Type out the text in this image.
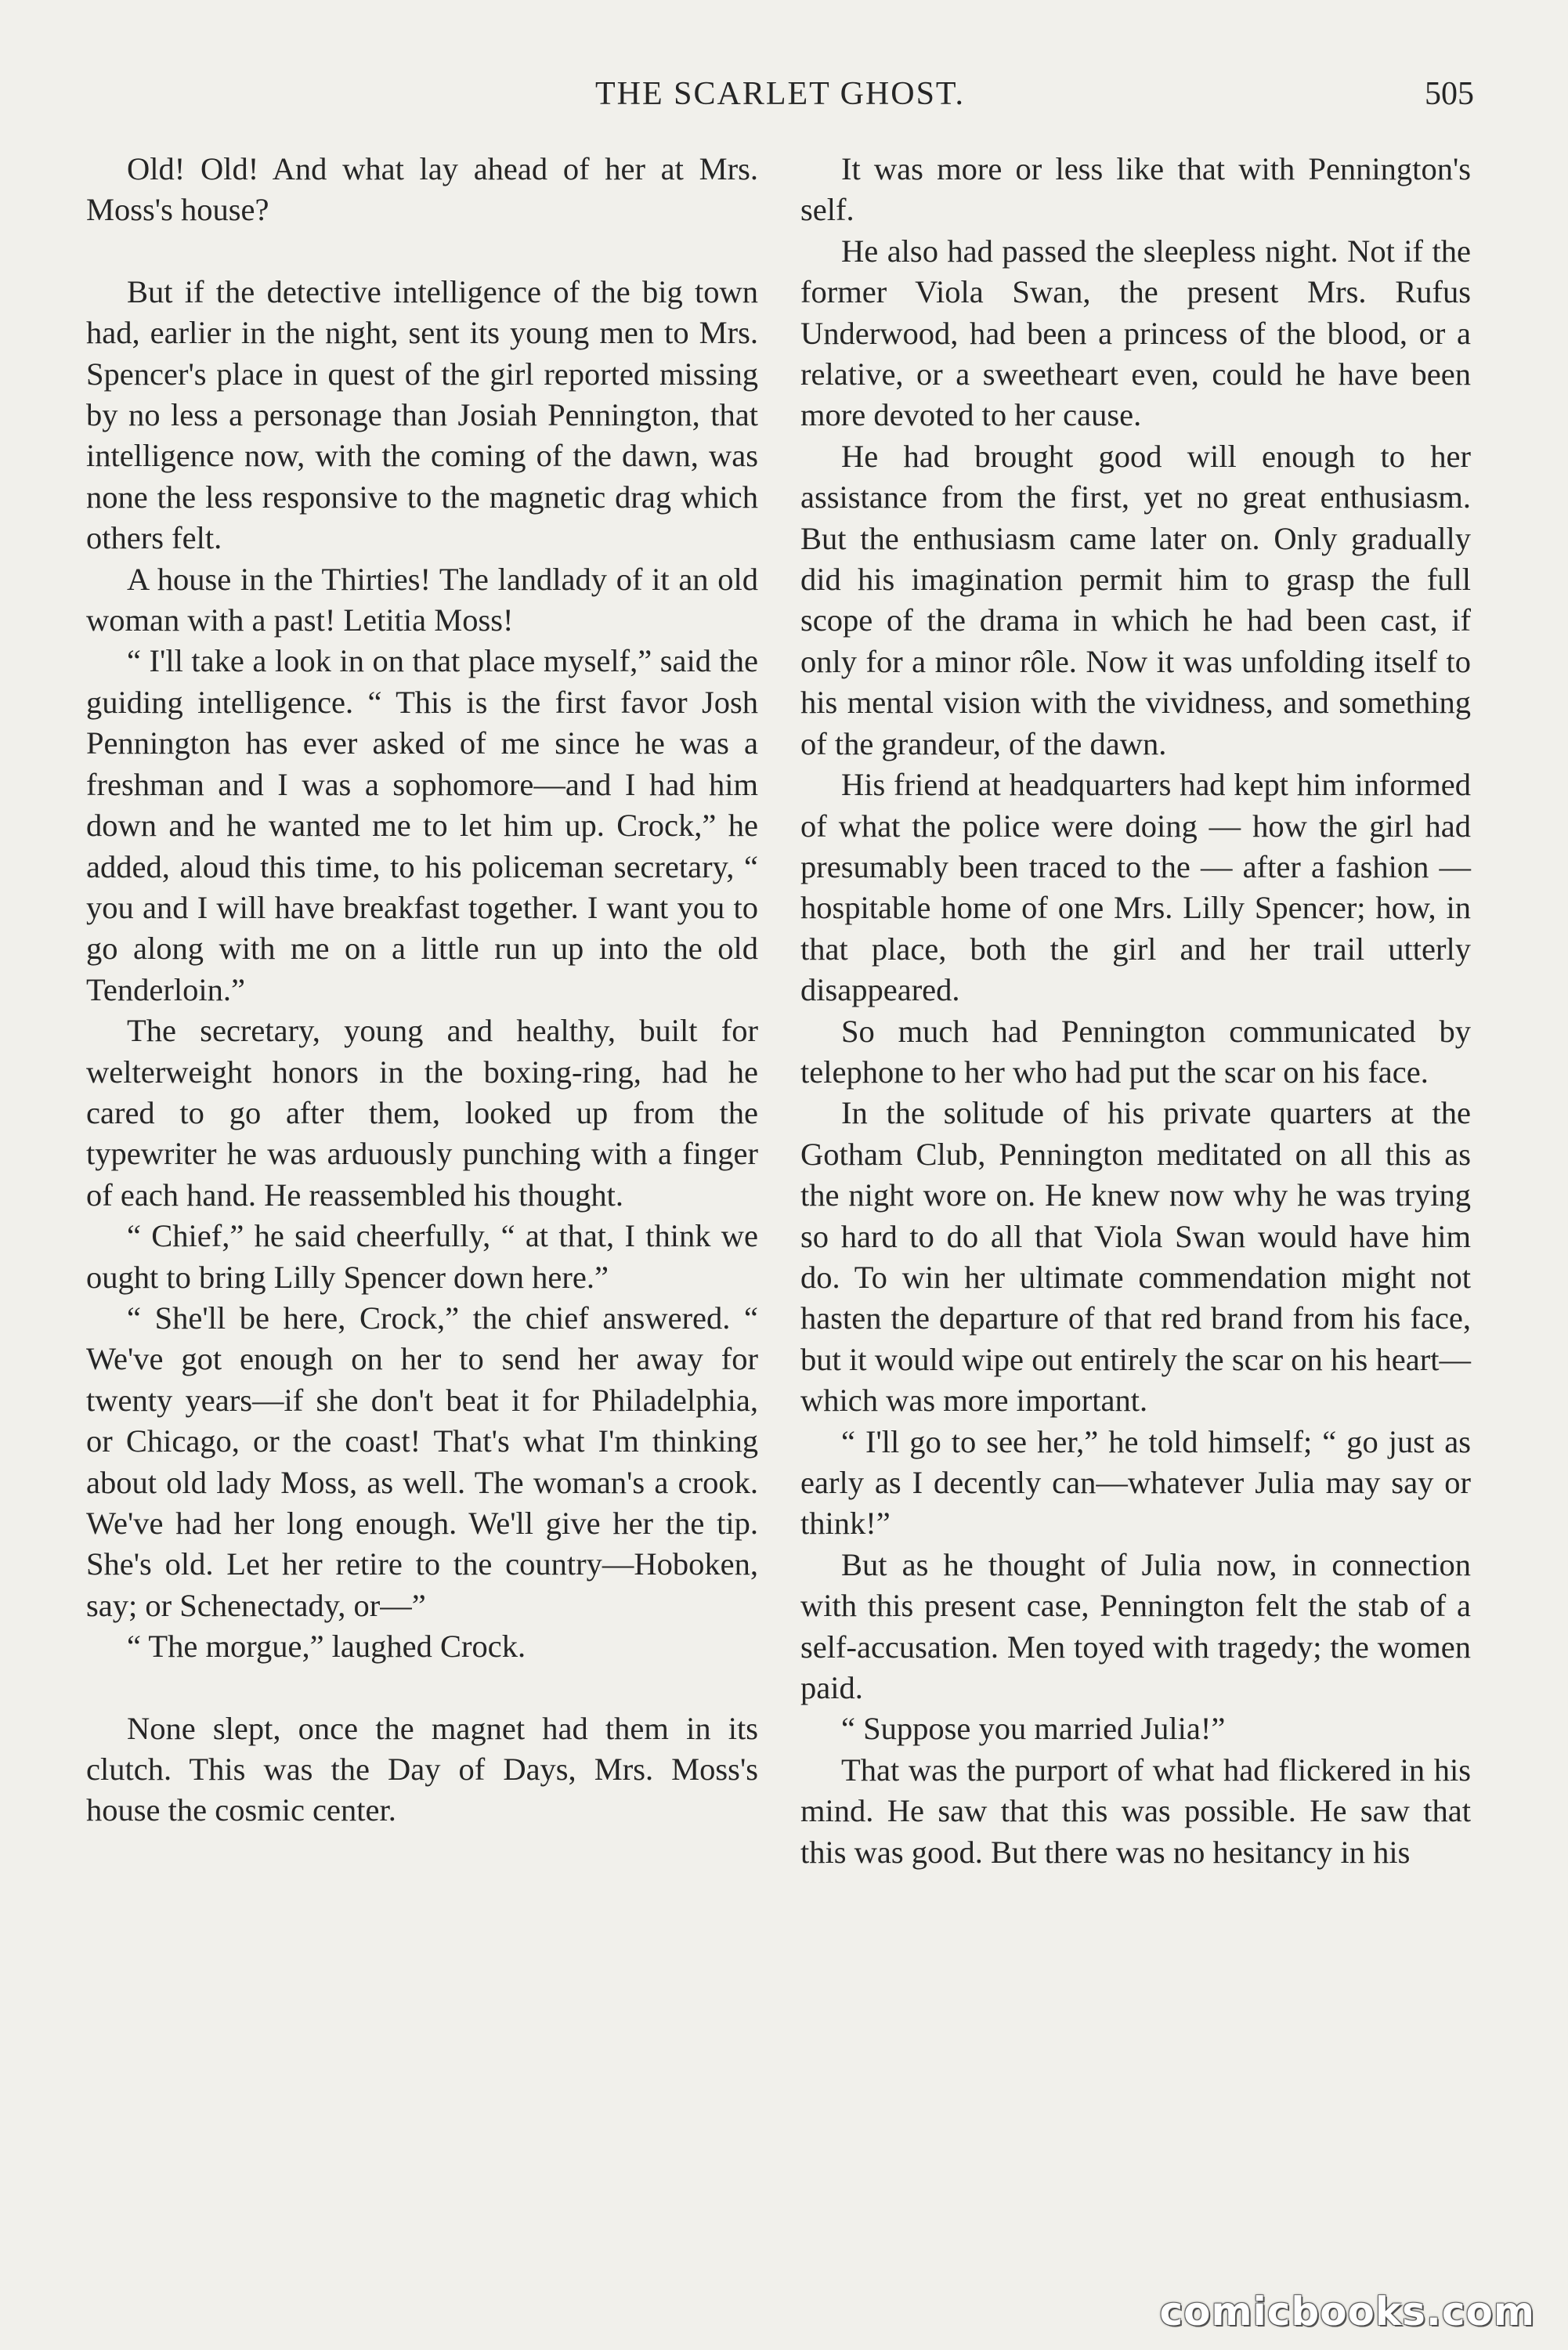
THE SCARLET GHOST.	505

Old! Old! And what lay ahead of her at Mrs. Moss's house?

But if the detective intelligence of the big town had, earlier in the night, sent its young men to Mrs. Spencer's place in quest of the girl reported missing by no less a personage than Josiah Pennington, that intelligence now, with the coming of the dawn, was none the less responsive to the magnetic drag which others felt.

A house in the Thirties! The landlady of it an old woman with a past! Letitia Moss!

“ I'll take a look in on that place myself,” said the guiding intelligence. “ This is the first favor Josh Pennington has ever asked of me since he was a freshman and I was a sophomore—and I had him down and he wanted me to let him up. Crock,” he added, aloud this time, to his policeman secretary, “ you and I will have breakfast together. I want you to go along with me on a little run up into the old Tenderloin.”

The secretary, young and healthy, built for welterweight honors in the boxing-ring, had he cared to go after them, looked up from the typewriter he was arduously punching with a finger of each hand. He reassembled his thought.

“ Chief,” he said cheerfully, “ at that, I think we ought to bring Lilly Spencer down here.”

“ She'll be here, Crock,” the chief answered. “ We've got enough on her to send her away for twenty years—if she don't beat it for Philadelphia, or Chicago, or the coast! That's what I'm thinking about old lady Moss, as well. The woman's a crook. We've had her long enough. We'll give her the tip. She's old. Let her retire to the country—Hoboken, say; or Schenectady, or—”

“ The morgue,” laughed Crock.

None slept, once the magnet had them in its clutch. This was the Day of Days, Mrs. Moss's house the cosmic center.

It was more or less like that with Pennington's self.

He also had passed the sleepless night. Not if the former Viola Swan, the present Mrs. Rufus Underwood, had been a princess of the blood, or a relative, or a sweetheart even, could he have been more devoted to her cause.

He had brought good will enough to her assistance from the first, yet no great enthusiasm. But the enthusiasm came later on. Only gradually did his imagination permit him to grasp the full scope of the drama in which he had been cast, if only for a minor rôle. Now it was unfolding itself to his mental vision with the vividness, and something of the grandeur, of the dawn.

His friend at headquarters had kept him informed of what the police were doing — how the girl had presumably been traced to the — after a fashion — hospitable home of one Mrs. Lilly Spencer; how, in that place, both the girl and her trail utterly disappeared.

So much had Pennington communicated by telephone to her who had put the scar on his face.

In the solitude of his private quarters at the Gotham Club, Pennington meditated on all this as the night wore on. He knew now why he was trying so hard to do all that Viola Swan would have him do. To win her ultimate commendation might not hasten the departure of that red brand from his face, but it would wipe out entirely the scar on his heart—which was more important.

“ I'll go to see her,” he told himself; “ go just as early as I decently can—whatever Julia may say or think!”

But as he thought of Julia now, in connection with this present case, Pennington felt the stab of a self-accusation. Men toyed with tragedy; the women paid.

“ Suppose you married Julia!”

That was the purport of what had flickered in his mind. He saw that this was possible. He saw that this was good. But there was no hesitancy in his

comicbooks.com
